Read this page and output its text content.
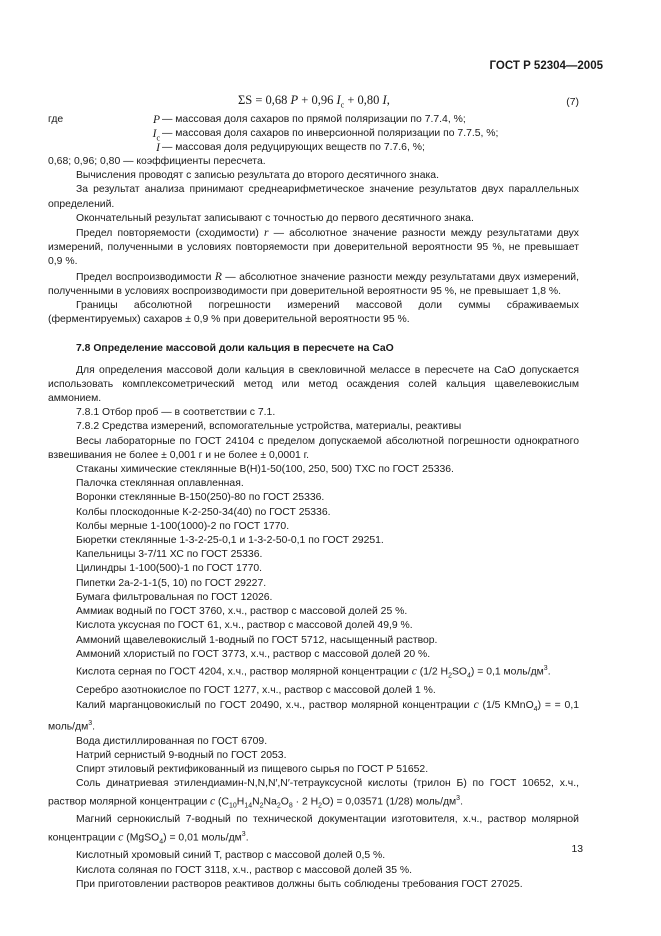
ГОСТ Р 52304—2005
ΣS = 0,68 P + 0,96 $I_c + 0,80$ I,	(7)
где	P — массовая доля сахаров по прямой поляризации по 7.7.4, %;
$I_c$ — массовая доля сахаров по инверсионной поляризации по 7.7.5, %;
I — массовая доля редуцирующих веществ по 7.7.6, %;

0,68; 0,96; 0,80 — коэффициенты пересчета.

Вычисления проводят с записью результата до второго десятичного знака.

За результат анализа принимают среднеарифметическое значение результатов двух параллельных определений.

Окончательный результат записывают с точностью до первого десятичного знака.

Предел повторяемости (сходимости) r — абсолютное значение разности между результатами двух измерений, полученными в условиях повторяемости при доверительной вероятности 95 %, не превышает 0,9 %.

Предел воспроизводимости R — абсолютное значение разности между результатами двух измерений, полученными в условиях воспроизводимости при доверительной вероятности 95 %, не превышает 1,8 %.

Границы абсолютной погрешности измерений массовой доли суммы сбраживаемых (ферментируемых) сахаров ± 0,9 % при доверительной вероятности 95 %.

7.8 Определение массовой доли кальция в пересчете на CaO

Для определения массовой доли кальция в свекловичной мелассе в пересчете на CaO допускается использовать комплексометрический метод или метод осаждения солей кальция щавелевокислым аммонием.

7.8.1 Отбор проб — в соответствии с 7.1.

7.8.2 Средства измерений, вспомогательные устройства, материалы, реактивы

Весы лабораторные по ГОСТ 24104 с пределом допускаемой абсолютной погрешности однократного взвешивания не более ± 0,001 г и не более ± 0,0001 г.

Стаканы химические стеклянные В(Н)1-50(100, 250, 500) ТХС по ГОСТ 25336.

Палочка стеклянная оплавленная.

Воронки стеклянные В-150(250)-80 по ГОСТ 25336.

Колбы плоскодонные К-2-250-34(40) по ГОСТ 25336.

Колбы мерные 1-100(1000)-2 по ГОСТ 1770.

Бюретки стеклянные 1-3-2-25-0,1 и 1-3-2-50-0,1 по ГОСТ 29251.

Капельницы 3-7/11 ХС по ГОСТ 25336.

Цилиндры 1-100(500)-1 по ГОСТ 1770.

Пипетки 2а-2-1-1(5, 10) по ГОСТ 29227.

Бумага фильтровальная по ГОСТ 12026.

Аммиак водный по ГОСТ 3760, х.ч., раствор с массовой долей 25 %.

Кислота уксусная по ГОСТ 61, х.ч., раствор с массовой долей 49,9 %.

Аммоний щавелевокислый 1-водный по ГОСТ 5712, насыщенный раствор.

Аммоний хлористый по ГОСТ 3773, х.ч., раствор с массовой долей 20 %.

Кислота серная по ГОСТ 4204, х.ч., раствор молярной концентрации c (1/2 $H_2SO_4) = 0,1$ моль/$дм^3$.

Серебро азотнокислое по ГОСТ 1277, х.ч., раствор с массовой долей 1 %.

Калий марганцовокислый по ГОСТ 20490, х.ч., раствор молярной концентрации c (1/5 KMnO$_4$) = = 0,1 моль/$дм^3$.

Вода дистиллированная по ГОСТ 6709.

Натрий сернистый 9-водный по ГОСТ 2053.

Спирт этиловый ректификованный из пищевого сырья по ГОСТ Р 51652.

Соль динатриевая этилендиамин-N,N,N′,N′-тетрауксусной кислоты (трилон Б) по ГОСТ 10652, х.ч., раствор молярной концентрации c ($C_{10}H_{14}N_2Na_2O_8 \cdot 2$ $H_2O) = 0,03571$ (1/28) моль/$дм^3$.

Магний сернокислый 7-водный по технической документации изготовителя, х.ч., раствор молярной концентрации c (MgSO$_4$) = 0,01 моль/$дм^3$.

Кислотный хромовый синий Т, раствор с массовой долей 0,5 %.

Кислота соляная по ГОСТ 3118, х.ч., раствор с массовой долей 35 %.

При приготовлении растворов реактивов должны быть соблюдены требования ГОСТ 27025.

13
